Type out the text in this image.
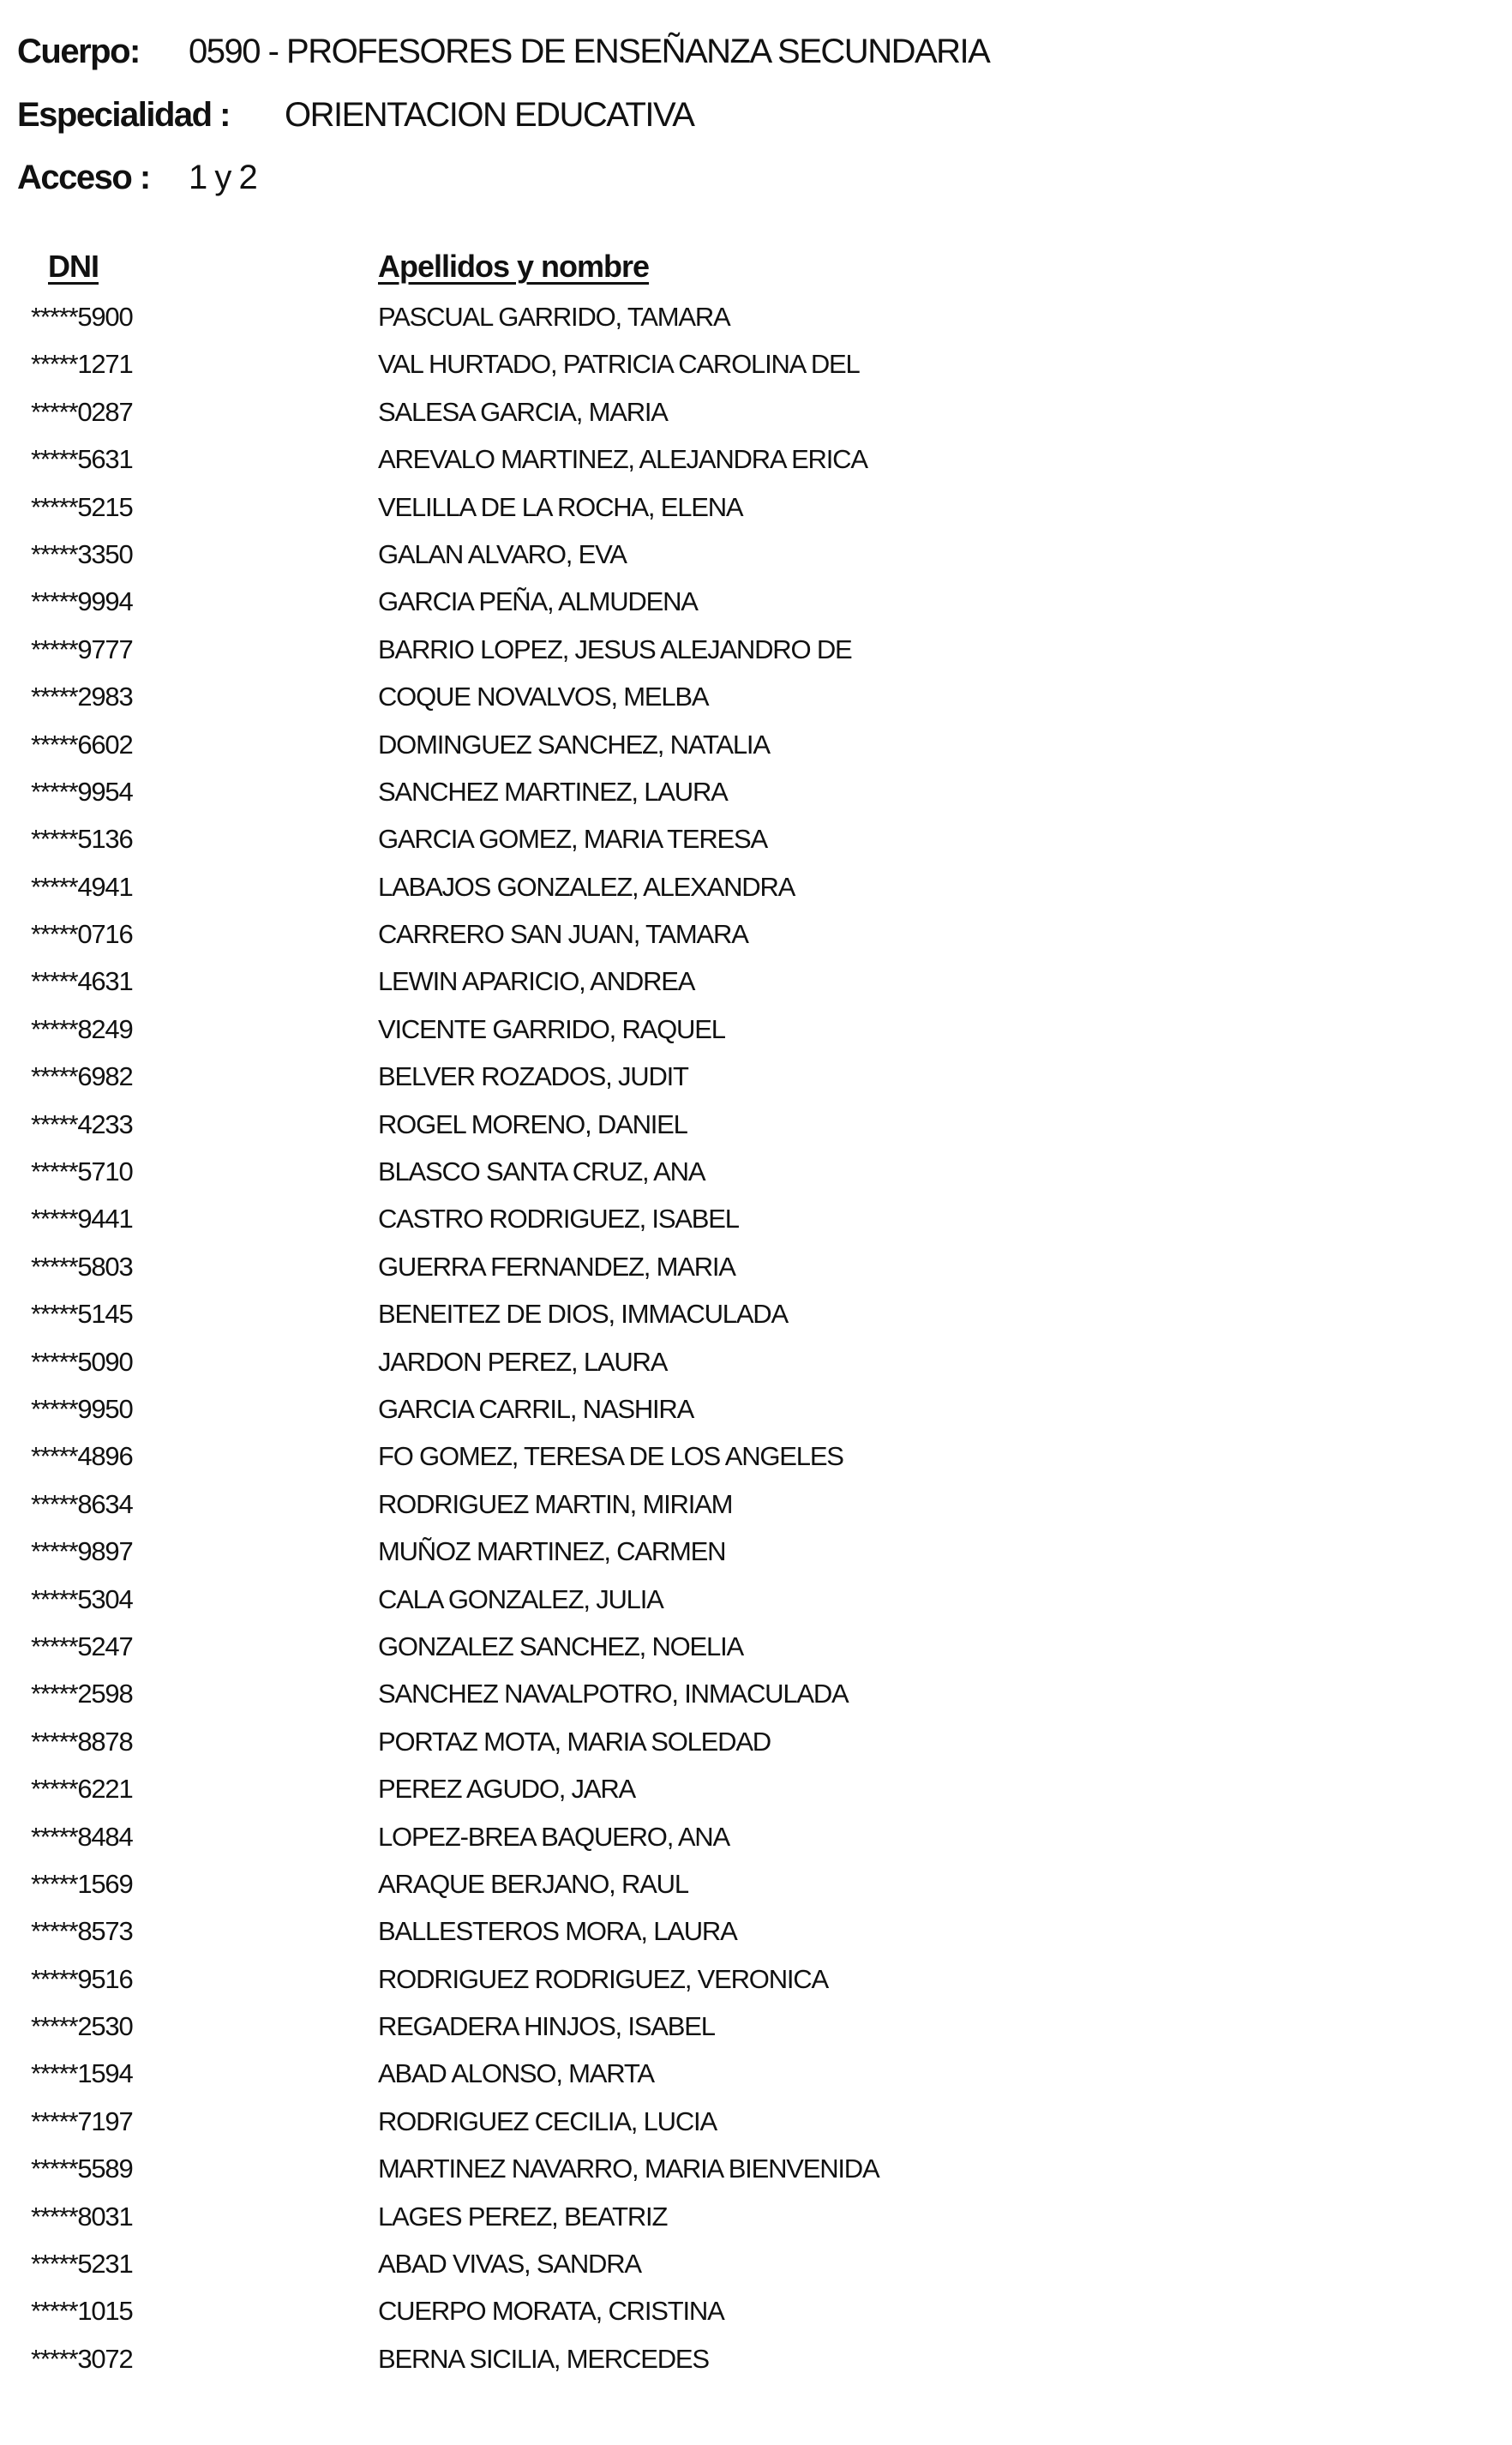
Cuerpo: 0590 - PROFESORES DE ENSEÑANZA SECUNDARIA
Especialidad : ORIENTACION EDUCATIVA
Acceso : 1 y 2
DNI	Apellidos y nombre
*****5900	PASCUAL GARRIDO, TAMARA
*****1271	VAL HURTADO, PATRICIA CAROLINA DEL
*****0287	SALESA GARCIA, MARIA
*****5631	AREVALO MARTINEZ, ALEJANDRA ERICA
*****5215	VELILLA DE LA ROCHA, ELENA
*****3350	GALAN ALVARO, EVA
*****9994	GARCIA PEÑA, ALMUDENA
*****9777	BARRIO LOPEZ, JESUS ALEJANDRO DE
*****2983	COQUE NOVALVOS, MELBA
*****6602	DOMINGUEZ SANCHEZ, NATALIA
*****9954	SANCHEZ MARTINEZ, LAURA
*****5136	GARCIA GOMEZ, MARIA TERESA
*****4941	LABAJOS GONZALEZ, ALEXANDRA
*****0716	CARRERO SAN JUAN, TAMARA
*****4631	LEWIN APARICIO, ANDREA
*****8249	VICENTE GARRIDO, RAQUEL
*****6982	BELVER ROZADOS, JUDIT
*****4233	ROGEL MORENO, DANIEL
*****5710	BLASCO SANTA CRUZ, ANA
*****9441	CASTRO RODRIGUEZ, ISABEL
*****5803	GUERRA FERNANDEZ, MARIA
*****5145	BENEITEZ DE DIOS, IMMACULADA
*****5090	JARDON PEREZ, LAURA
*****9950	GARCIA CARRIL, NASHIRA
*****4896	FO GOMEZ, TERESA DE LOS ANGELES
*****8634	RODRIGUEZ MARTIN, MIRIAM
*****9897	MUÑOZ MARTINEZ, CARMEN
*****5304	CALA GONZALEZ, JULIA
*****5247	GONZALEZ SANCHEZ, NOELIA
*****2598	SANCHEZ NAVALPOTRO, INMACULADA
*****8878	PORTAZ MOTA, MARIA SOLEDAD
*****6221	PEREZ AGUDO, JARA
*****8484	LOPEZ-BREA BAQUERO, ANA
*****1569	ARAQUE BERJANO, RAUL
*****8573	BALLESTEROS MORA, LAURA
*****9516	RODRIGUEZ RODRIGUEZ, VERONICA
*****2530	REGADERA HINJOS, ISABEL
*****1594	ABAD ALONSO, MARTA
*****7197	RODRIGUEZ CECILIA, LUCIA
*****5589	MARTINEZ NAVARRO, MARIA BIENVENIDA
*****8031	LAGES PEREZ, BEATRIZ
*****5231	ABAD VIVAS, SANDRA
*****1015	CUERPO MORATA, CRISTINA
*****3072	BERNA SICILIA, MERCEDES
